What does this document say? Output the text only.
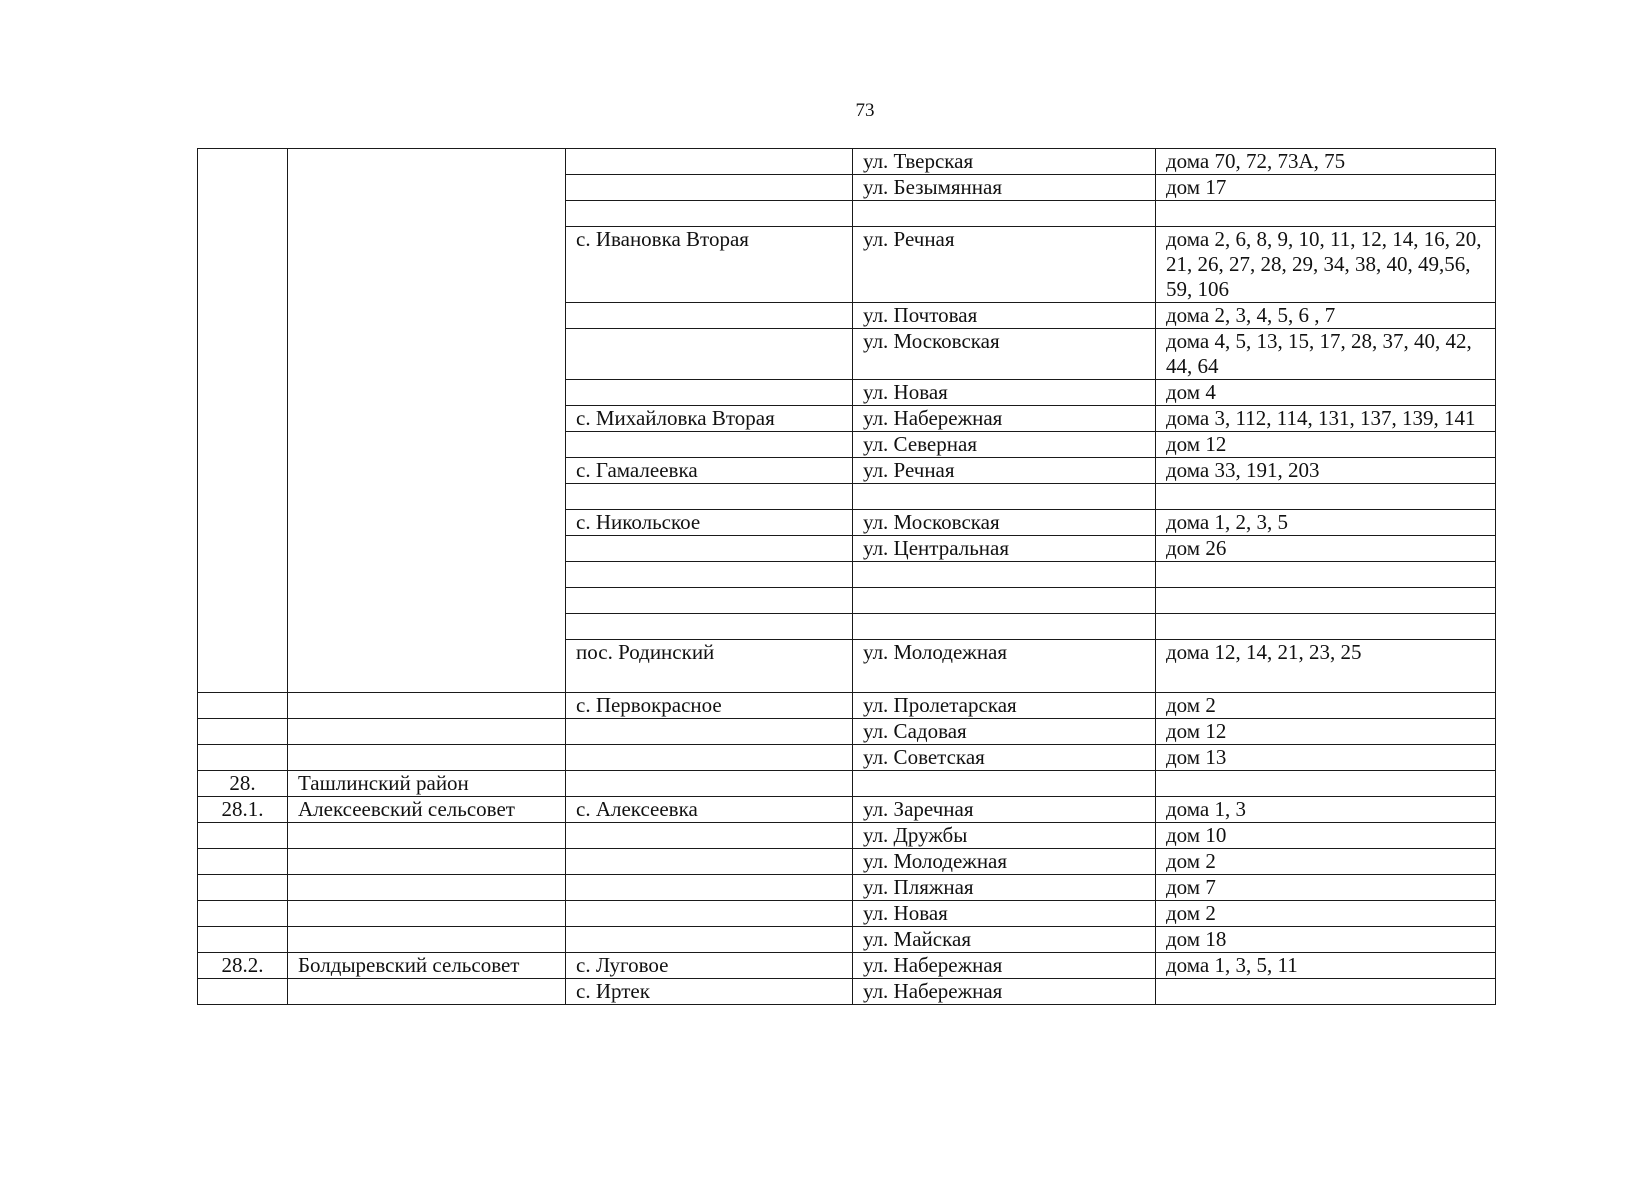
73
			ул. Тверская	дома 70, 72, 73А, 75
			ул. Безымянная	дом 17

		с. Ивановка Вторая	ул. Речная	дома 2, 6, 8, 9, 10, 11, 12, 14, 16, 20, 21, 26, 27, 28, 29, 34, 38, 40, 49,56, 59, 106
			ул. Почтовая	дома 2, 3, 4, 5, 6 , 7
			ул. Московская	дома 4, 5, 13, 15, 17, 28, 37, 40, 42, 44, 64
			ул. Новая	дом 4
		с. Михайловка Вторая	ул. Набережная	дома 3, 112, 114, 131, 137, 139, 141
			ул. Северная	дом 12
		с. Гамалеевка	ул. Речная	дома 33, 191, 203

		с. Никольское	ул. Московская	дома 1, 2, 3, 5
			ул. Центральная	дом 26

		пос. Родинский	ул. Молодежная	дома 12, 14, 21, 23, 25
		с. Первокрасное	ул. Пролетарская	дом 2
			ул. Садовая	дом 12
			ул. Советская	дом 13
28.	Ташлинский район			
28.1.	Алексеевский сельсовет	с. Алексеевка	ул. Заречная	дома 1, 3
			ул. Дружбы	дом 10
			ул. Молодежная	дом 2
			ул. Пляжная	дом 7
			ул. Новая	дом 2
			ул. Майская	дом 18
28.2.	Болдыревский сельсовет	с. Луговое	ул. Набережная	дома 1, 3, 5, 11
		с. Иртек	ул. Набережная	
